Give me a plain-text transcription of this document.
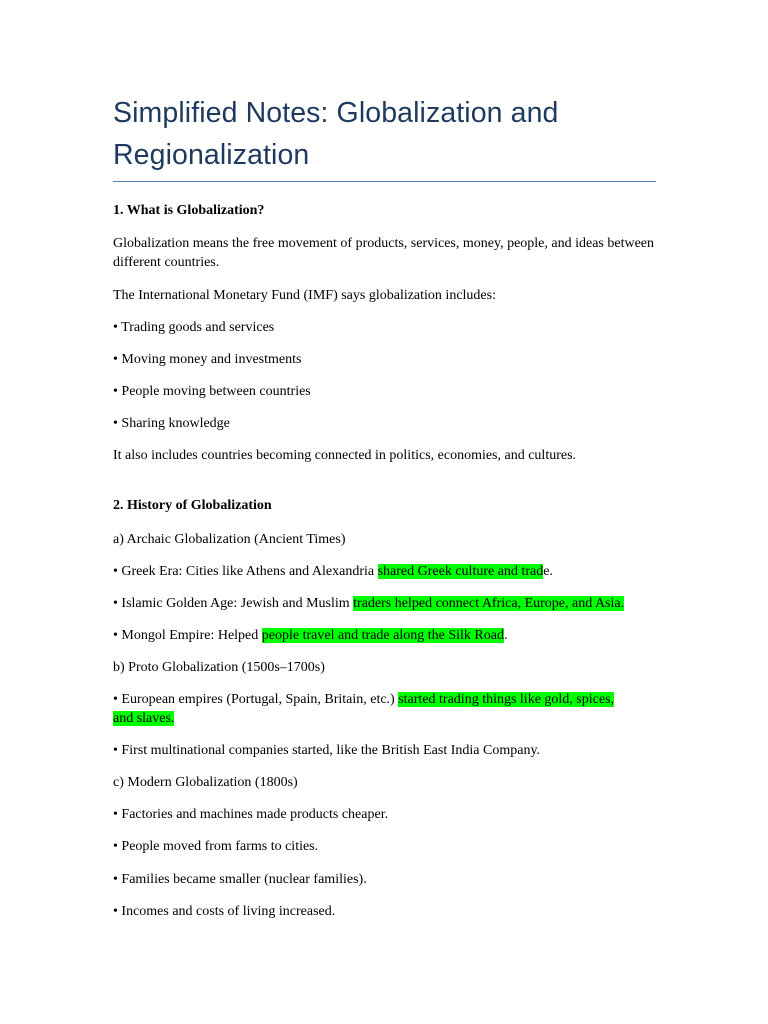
Simplified Notes: Globalization and Regionalization

1. What is Globalization?

Globalization means the free movement of products, services, money, people, and ideas between different countries.

The International Monetary Fund (IMF) says globalization includes:

• Trading goods and services

• Moving money and investments

• People moving between countries

• Sharing knowledge

It also includes countries becoming connected in politics, economies, and cultures.

2. History of Globalization

a) Archaic Globalization (Ancient Times)

• Greek Era: Cities like Athens and Alexandria shared Greek culture and trade.

• Islamic Golden Age: Jewish and Muslim traders helped connect Africa, Europe, and Asia.

• Mongol Empire: Helped people travel and trade along the Silk Road.

b) Proto Globalization (1500s–1700s)

• European empires (Portugal, Spain, Britain, etc.) started trading things like gold, spices,
and slaves.

• First multinational companies started, like the British East India Company.

c) Modern Globalization (1800s)

• Factories and machines made products cheaper.

• People moved from farms to cities.

• Families became smaller (nuclear families).

• Incomes and costs of living increased.
